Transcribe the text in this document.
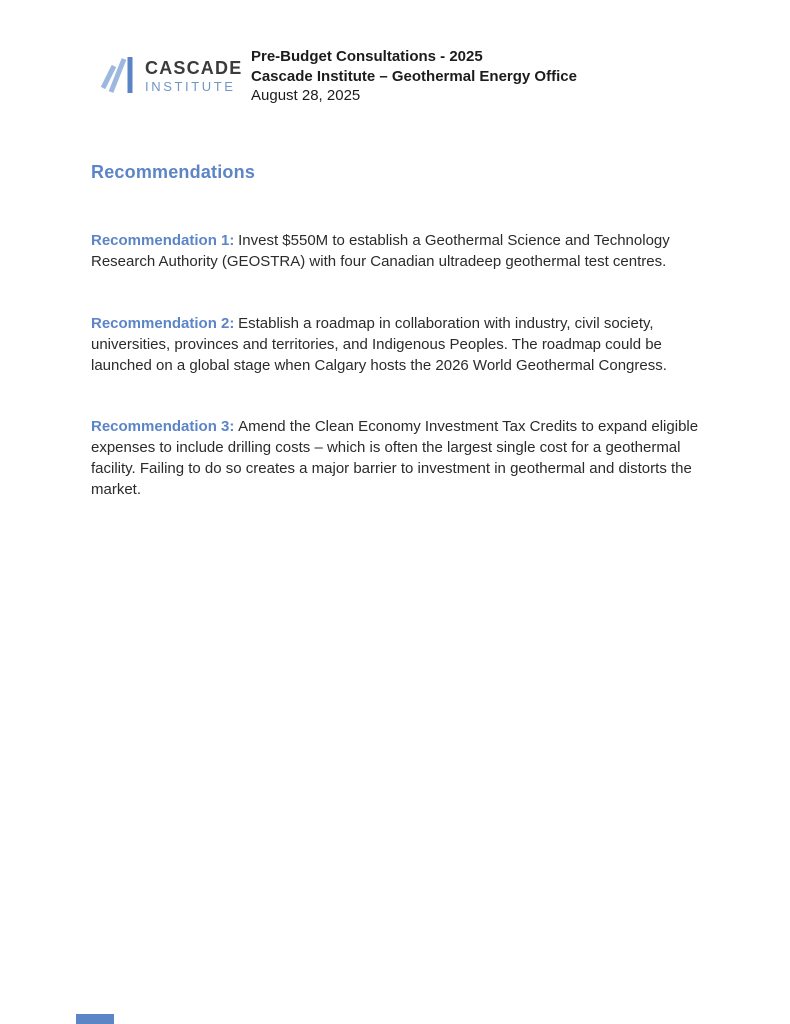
CASCADE
INSTITUTE
Pre-Budget Consultations - 2025
Cascade Institute – Geothermal Energy Office
August 28, 2025
Recommendations

Recommendation 1: Invest $550M to establish a Geothermal Science and Technology Research Authority (GEOSTRA) with four Canadian ultradeep geothermal test centres.

Recommendation 2: Establish a roadmap in collaboration with industry, civil society, universities, provinces and territories, and Indigenous Peoples. The roadmap could be launched on a global stage when Calgary hosts the 2026 World Geothermal Congress.

Recommendation 3: Amend the Clean Economy Investment Tax Credits to expand eligible expenses to include drilling costs – which is often the largest single cost for a geothermal facility. Failing to do so creates a major barrier to investment in geothermal and distorts the market.
